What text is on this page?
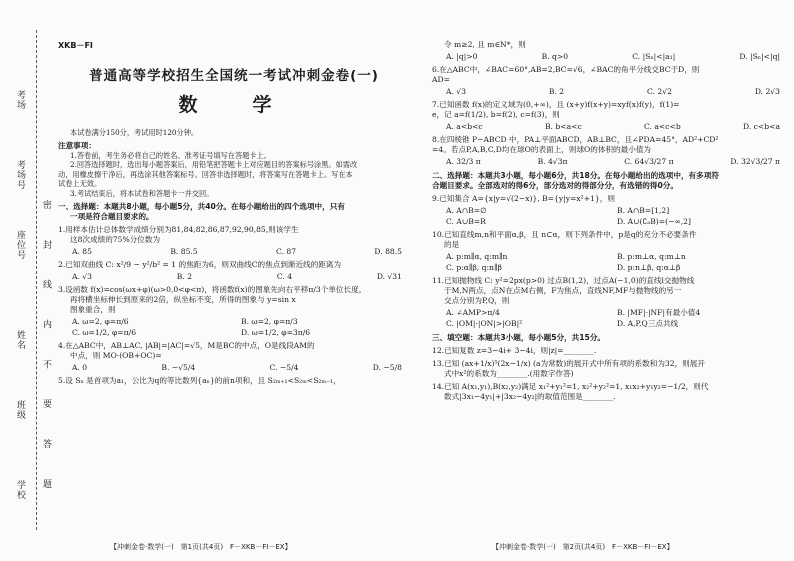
学校
班级
姓名
座位号
考场号
考场
密 封 线 内 不 要 答 题
XKB－FI
普通高等学校招生全国统一考试冲刺金卷(一)
数　学

本试卷满分150分，考试用时120分钟。

注意事项：

1.答卷前，考生务必将自己的姓名、准考证号填写在答题卡上。

2.回答选择题时，选出每小题答案后，用铅笔把答题卡上对应题目的答案标号涂黑。如需改

动，用橡皮擦干净后，再选涂其他答案标号。回答非选择题时，将答案写在答题卡上。写在本

试卷上无效。

3.考试结束后，将本试卷和答题卡一并交回。

一、选择题：本题共8小题，每小题5分，共40分。在每小题给出的四个选项中，只有

一项是符合题目要求的。

1.用样本估计总体数学成绩分别为81,84,82,86,87,92,90,85,则该学生

这8次成绩的75%分位数为

A. 85	B. 85.5	C. 87	D. 88.5

2.已知双曲线 C: x²/9 − y²/b² = 1 的焦距为6，则双曲线C的焦点到渐近线的距离为

A. √3	B. 2	C. 4	D. √31

3.设函数 f(x)=cos(ωx+φ)(ω>0,0<φ<π)，将函数f(x)的图象先向右平移π/3个单位长度，

再将横坐标伸长到原来的2倍，纵坐标不变，所得的图象与 y=sin x

图象重合，则

A. ω=2, φ=π/6	B. ω=2, φ=π/3
C. ω=1/2, φ=π/6	D. ω=1/2, φ=3π/6

4.在△ABC中，AB⊥AC, |AB|=|AC|=√5，M是BC的中点，O是线段AM的

中点，则 MO·(OB+OC)=

A. 0	B. −√5/4	C. −5/4	D. −5/8

5.设 Sₙ 是首项为a₁，公比为q的等比数列{aₙ}的前n项和，且 S₂ₘ₊₁<S₂ₘ<S₂ₘ₋₁，

令 m≥2, 且 m∈N*，则

A. |q|>0	B. q>0	C. |Sₙ|<|a₁|	D. |Sₙ|<|q|

6.在△ABC中，∠BAC=60°,AB=2,BC=√6，∠BAC的角平分线交BC于D，则

AD=

A. √3	B. 2	C. 2√2	D. 2√3

7.已知函数 f(x)的定义域为(0,+∞)，且 (x+y)f(x+y)=xyf(x)f(y)，f(1)=

e，记 a=f(1/2), b=f(2), c=f(3)，则

A. a<b<c	B. b<a<c	C. a<c<b	D. c<b<a

8.在四棱锥 P−ABCD 中，PA⊥平面ABCD，AB⊥BC，且∠PDA=45°，AD²+CD²

=4。若点P,A,B,C,D均在球O的表面上，则球O的体积的最小值为

A. 32/3 π	B. 4√3π	C. 64√3/27 π	D. 32√3/27 π

二、选择题：本题共3小题，每小题6分，共18分。在每小题给出的选项中，有多项符

合题目要求。全部选对的得6分，部分选对的得部分分，有选错的得0分。

9.已知集合 A={x|y=√(2−x)}, B={y|y=x²+1}，则

A. A∩B=∅	B. A∩B=[1,2]
C. A∪B=R	D. A∪(∁ₐB)=(−∞,2]

10.已知直线m,n和平面α,β，且 n⊂α，则下列条件中，p是q的充分不必要条件

的是

A. p:m∥α, q:m∥n	B. p:m⊥α, q:m⊥n
C. p:α∥β, q:n∥β	D. p:n⊥β, q:α⊥β

11.已知抛物线 C: y²=2px(p>0) 过点B(1,2)，过点A(−1,0)的直线l交抛物线

于M,N两点，点N在点M右侧，F为焦点，直线NF,MF与抛物线的另一

交点分别为P,Q，则

A. ∠AMP>π/4	B. |MF|·|NF|有最小值4
C. |OM|·|ON|>|OB|²	D. A,P,Q三点共线

三、填空题：本题共3小题，每小题5分，共15分。

12.已知复数 z=3−4i+ 3−4i，则|z|=________.

13.已知 (ax+1/x)⁵(2x−1/x) (a为常数)的展开式中所有项的系数和为32，则展开

式中x²的系数为________.(用数字作答)

14.已知 A(x₁,y₁),B(x₂,y₂)满足 x₁²+y₁²=1, x₂²+y₂²=1, x₁x₂+y₁y₂=−1/2，则代

数式|3x₁−4y₁|+|3x₂−4y₂|的取值范围是________.

【冲刺金卷·数学(一)　第1页(共4页)　F－XKB－FI－EX】	【冲刺金卷·数学(一)　第2页(共4页)　F－XKB－FI－EX】
